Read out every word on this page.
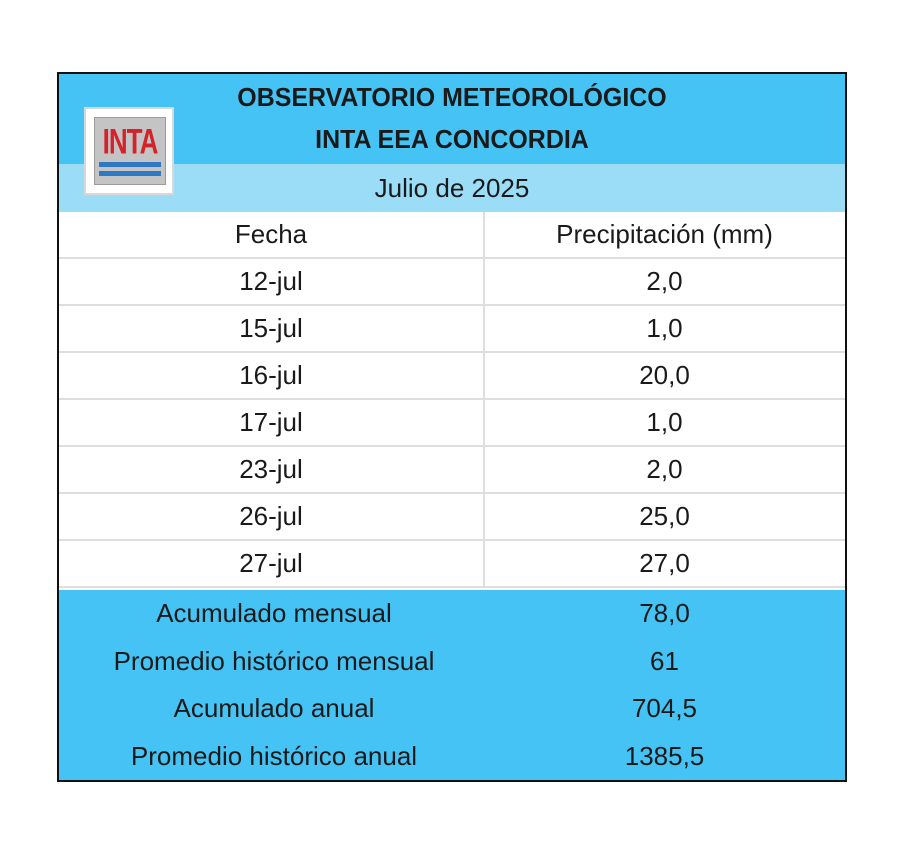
OBSERVATORIO METEOROLÓGICO
INTA EEA CONCORDIA
INTA
Julio de 2025
Fecha	Precipitación (mm)
12-jul	2,0
15-jul	1,0
16-jul	20,0
17-jul	1,0
23-jul	2,0
26-jul	25,0
27-jul	27,0
Acumulado mensual	78,0
Promedio histórico mensual	61
Acumulado anual	704,5
Promedio histórico anual	1385,5
